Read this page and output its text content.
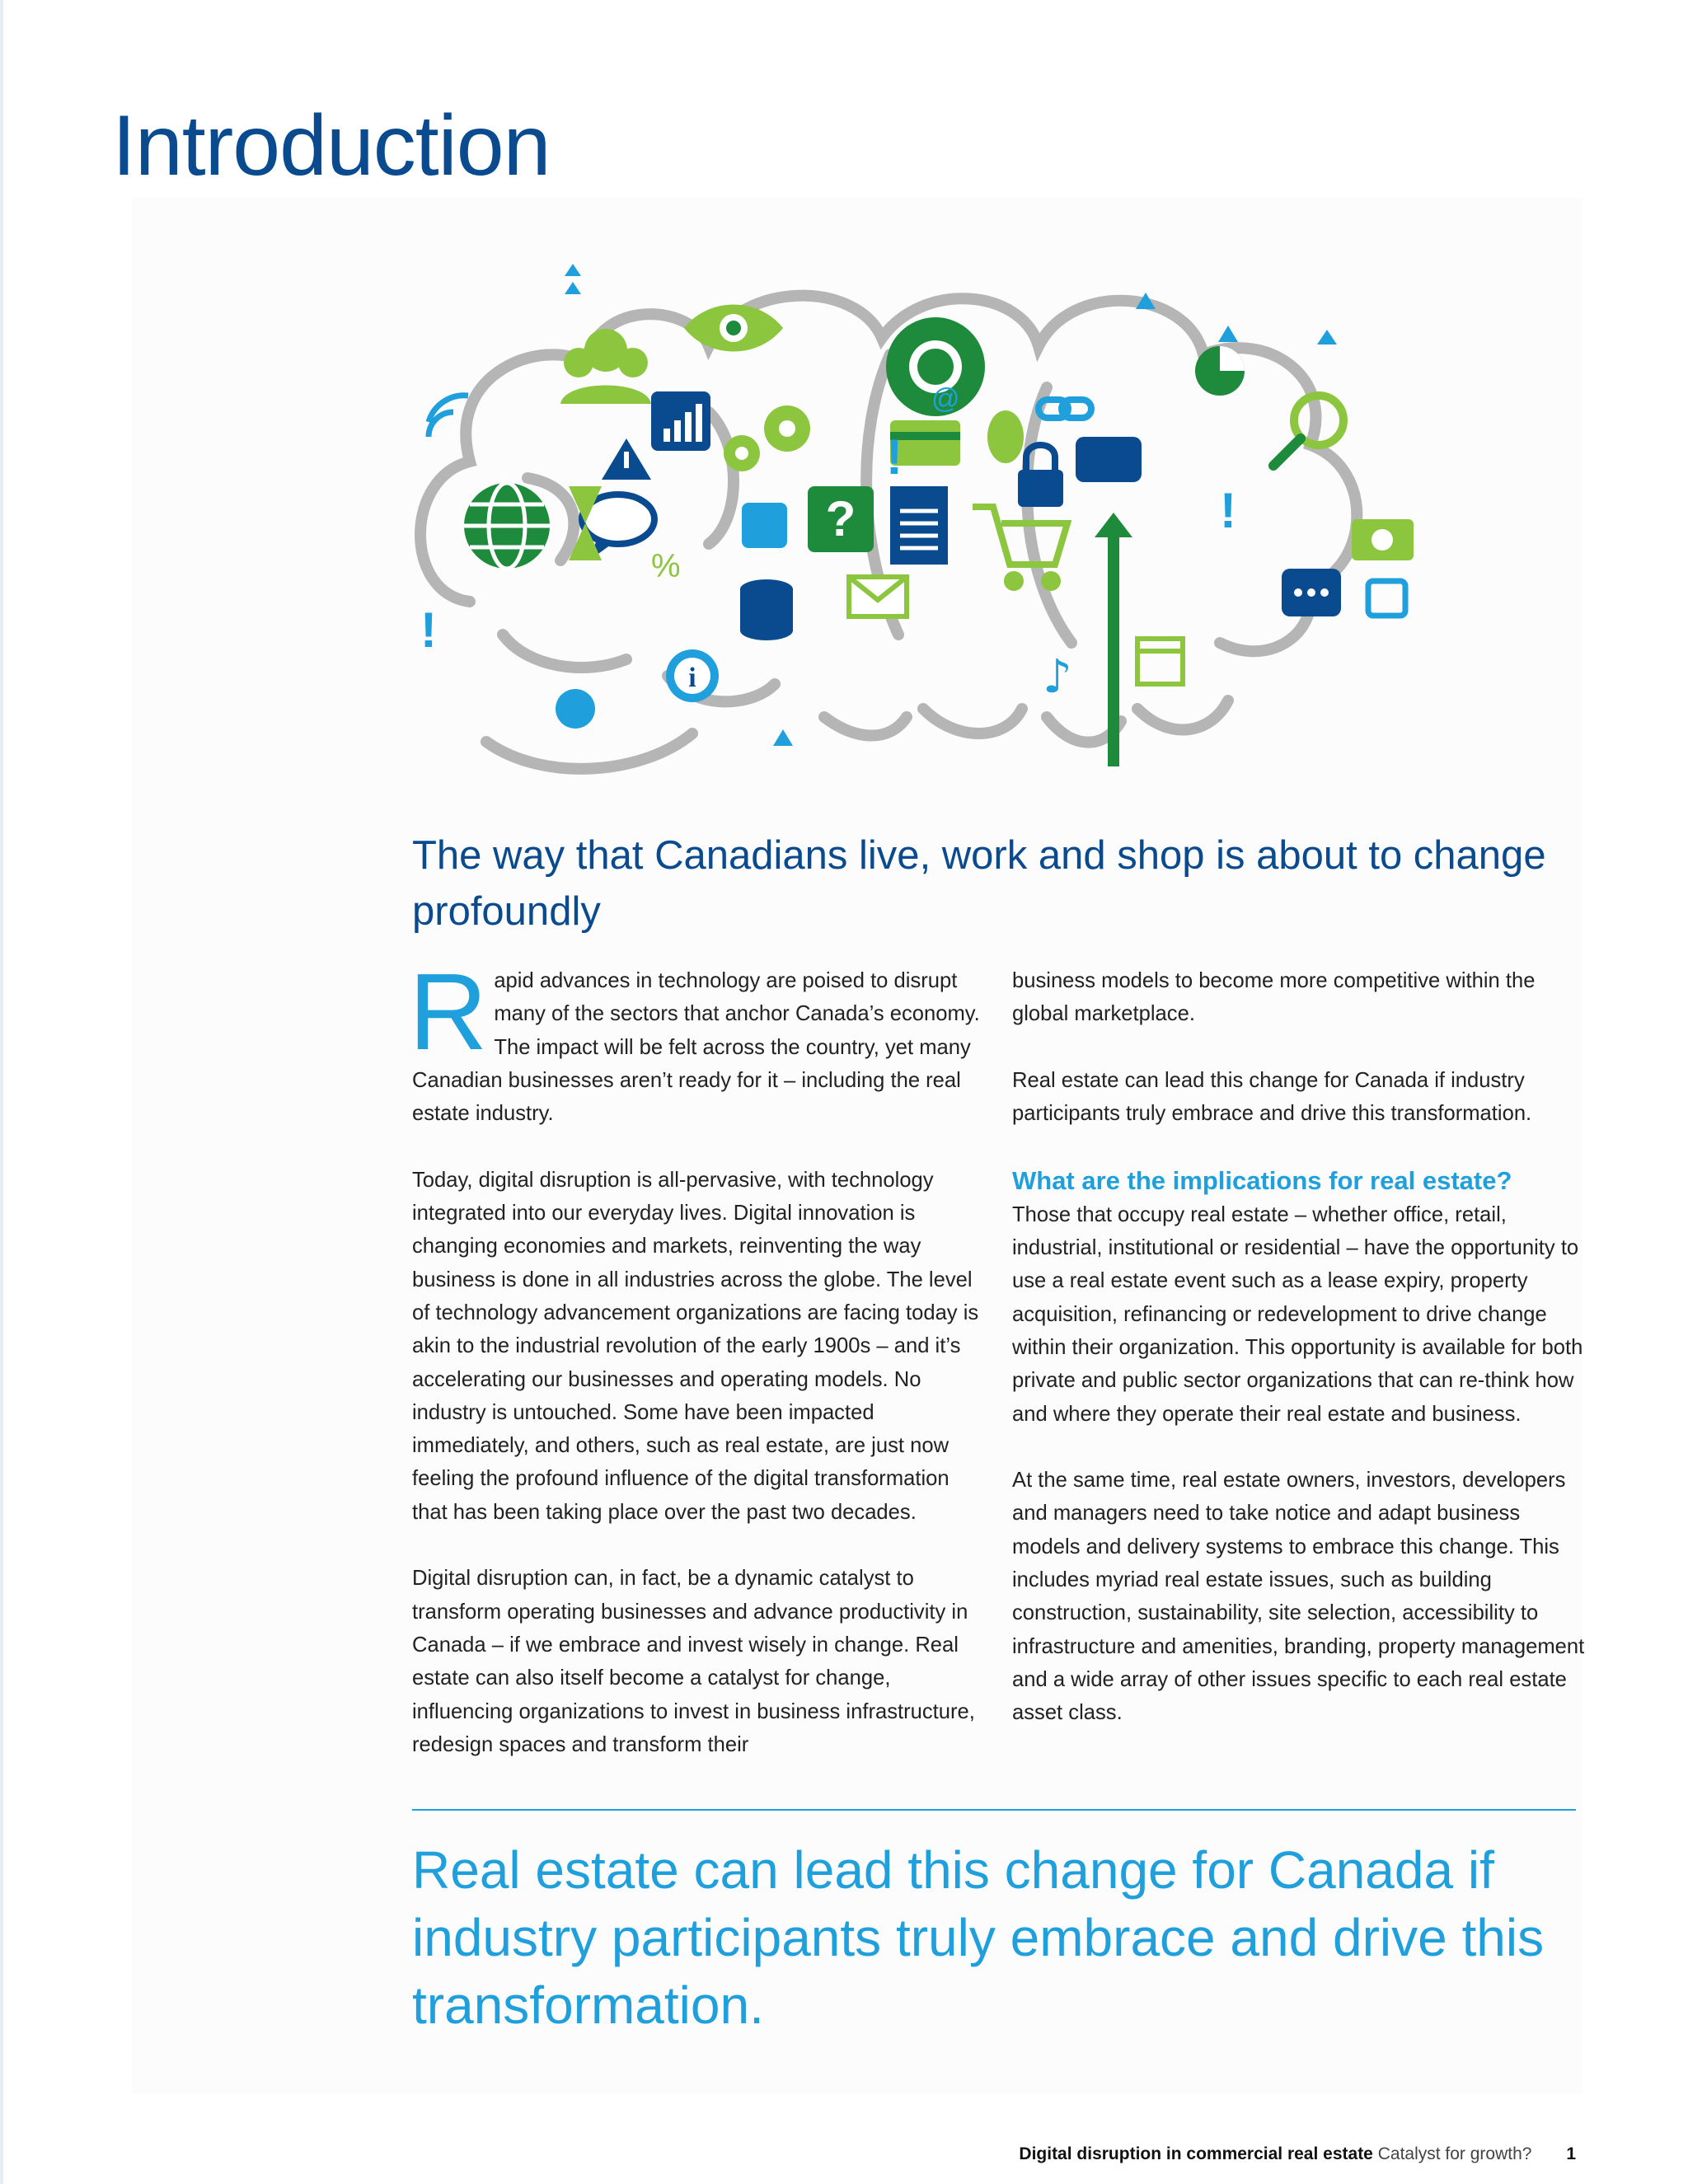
Introduction
?
i
%
@
♪
!
!
!
The way that Canadians live, work and shop is about to change profoundly

Rapid advances in technology are poised to disrupt many of the sectors that anchor Canada’s economy. The impact will be felt across the country, yet many Canadian businesses aren’t ready for it – including the real estate industry.

Today, digital disruption is all-pervasive, with technology integrated into our everyday lives. Digital innovation is changing economies and markets, reinventing the way business is done in all industries across the globe. The level of technology advancement organizations are facing today is akin to the industrial revolution of the early 1900s – and it’s accelerating our businesses and operating models. No industry is untouched. Some have been impacted immediately, and others, such as real estate, are just now feeling the profound influence of the digital transformation that has been taking place over the past two decades.

Digital disruption can, in fact, be a dynamic catalyst to transform operating businesses and advance productivity in Canada – if we embrace and invest wisely in change. Real estate can also itself become a catalyst for change, influencing organizations to invest in business infrastructure, redesign spaces and transform their

business models to become more competitive within the global marketplace.

Real estate can lead this change for Canada if industry participants truly embrace and drive this transformation.

What are the implications for real estate?

Those that occupy real estate – whether office, retail, industrial, institutional or residential – have the opportunity to use a real estate event such as a lease expiry, property acquisition, refinancing or redevelopment to drive change within their organization. This opportunity is available for both private and public sector organizations that can re-think how and where they operate their real estate and business.

At the same time, real estate owners, investors, developers and managers need to take notice and adapt business models and delivery systems to embrace this change. This includes myriad real estate issues, such as building construction, sustainability, site selection, accessibility to infrastructure and amenities, branding, property management and a wide array of other issues specific to each real estate asset class.

Real estate can lead this change for Canada if industry participants truly embrace and drive this transformation.

Digital disruption in commercial real estate Catalyst for growth? 1
